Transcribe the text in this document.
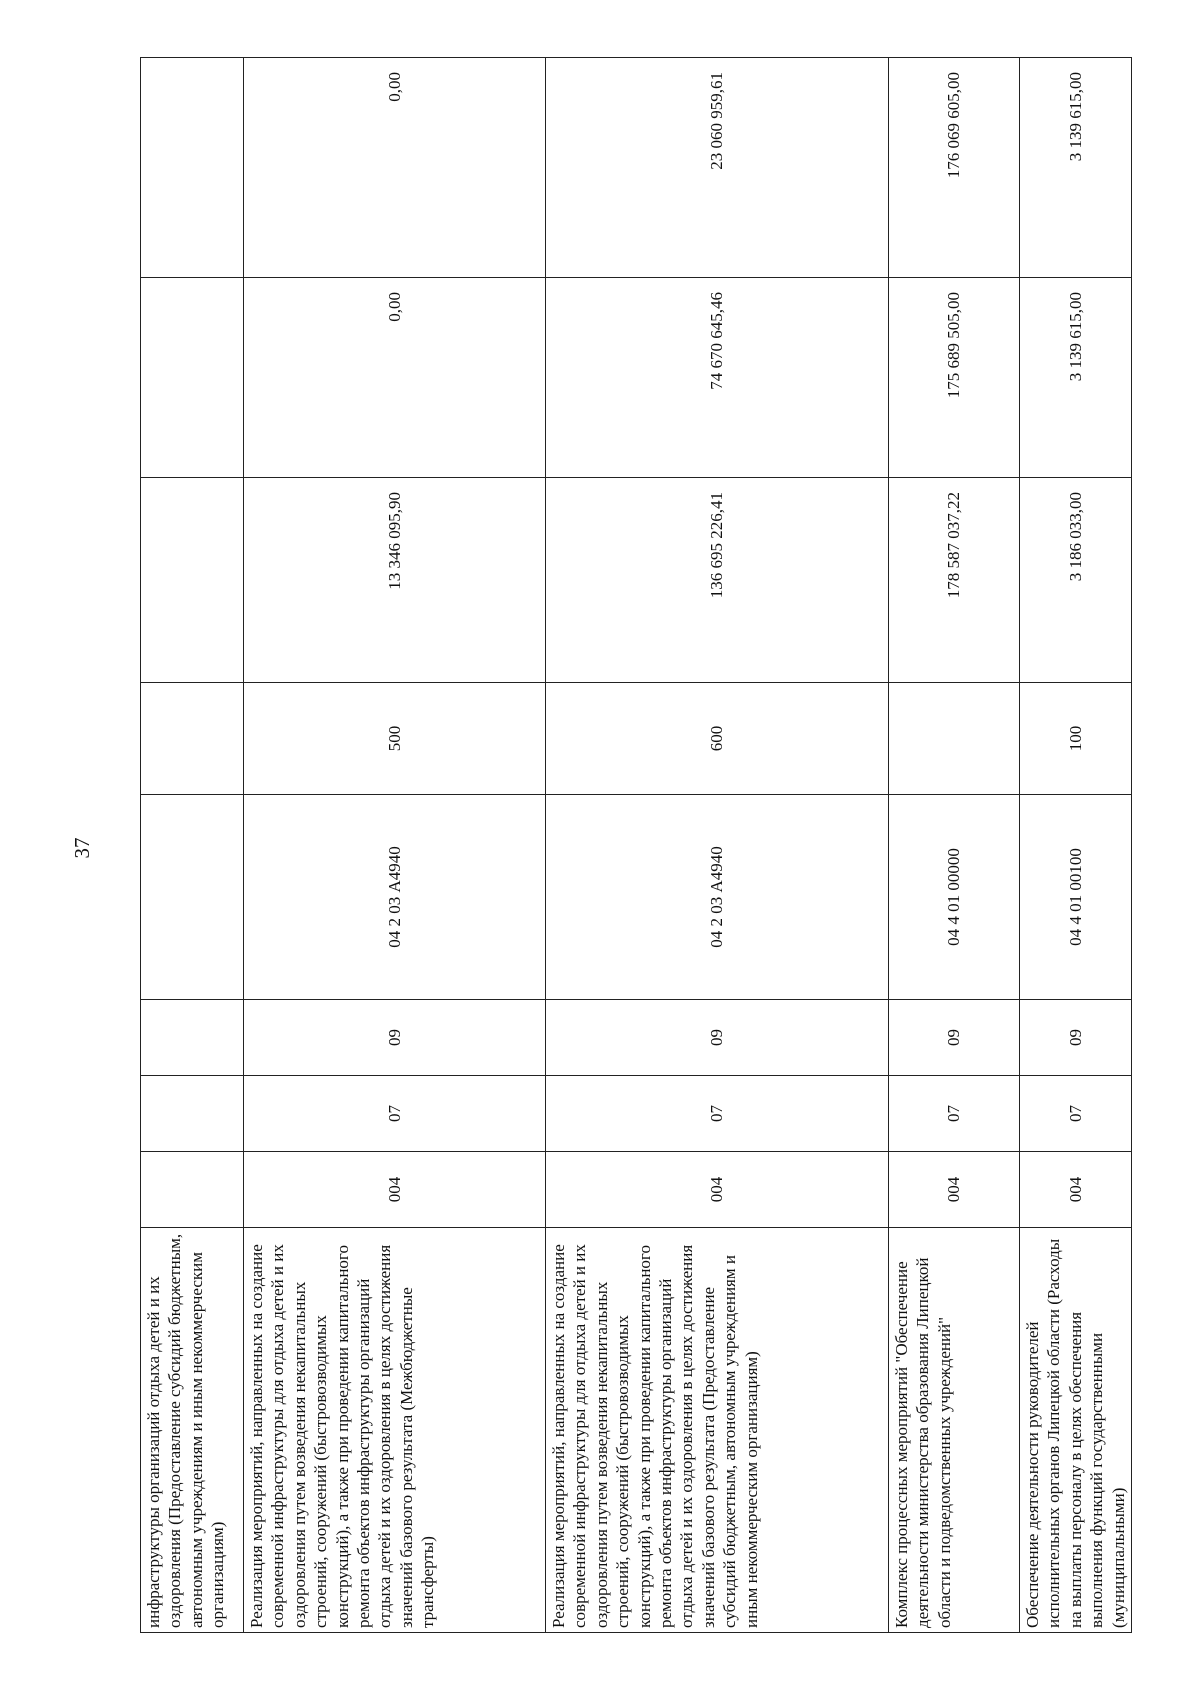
37
инфраструктуры организаций отдыха детей и их оздоровления (Предоставление субсидий бюджетным, автономным учреждениям и иным некоммерческим организациям)								
Реализация мероприятий, направленных на создание современной инфраструктуры для отдыха детей и их оздоровления путем возведения некапитальных строений, сооружений (быстровозводимых конструкций), а также при проведении капитального ремонта объектов инфраструктуры организаций отдыха детей и их оздоровления в целях достижения значений базового результата (Межбюджетные трансферты)	004	07	09	04 2 03 А4940	500	13 346 095,90	0,00	0,00
Реализация мероприятий, направленных на создание современной инфраструктуры для отдыха детей и их оздоровления путем возведения некапитальных строений, сооружений (быстровозводимых конструкций), а также при проведении капитального ремонта объектов инфраструктуры организаций отдыха детей и их оздоровления в целях достижения значений базового результата (Предоставление субсидий бюджетным, автономным учреждениям и иным некоммерческим организациям)	004	07	09	04 2 03 А4940	600	136 695 226,41	74 670 645,46	23 060 959,61
Комплекс процессных мероприятий "Обеспечение деятельности министерства образования Липецкой области и подведомственных учреждений"	004	07	09	04 4 01 00000		178 587 037,22	175 689 505,00	176 069 605,00
Обеспечение деятельности руководителей исполнительных органов Липецкой области (Расходы на выплаты персоналу в целях обеспечения выполнения функций государственными (муниципальными)	004	07	09	04 4 01 00100	100	3 186 033,00	3 139 615,00	3 139 615,00
